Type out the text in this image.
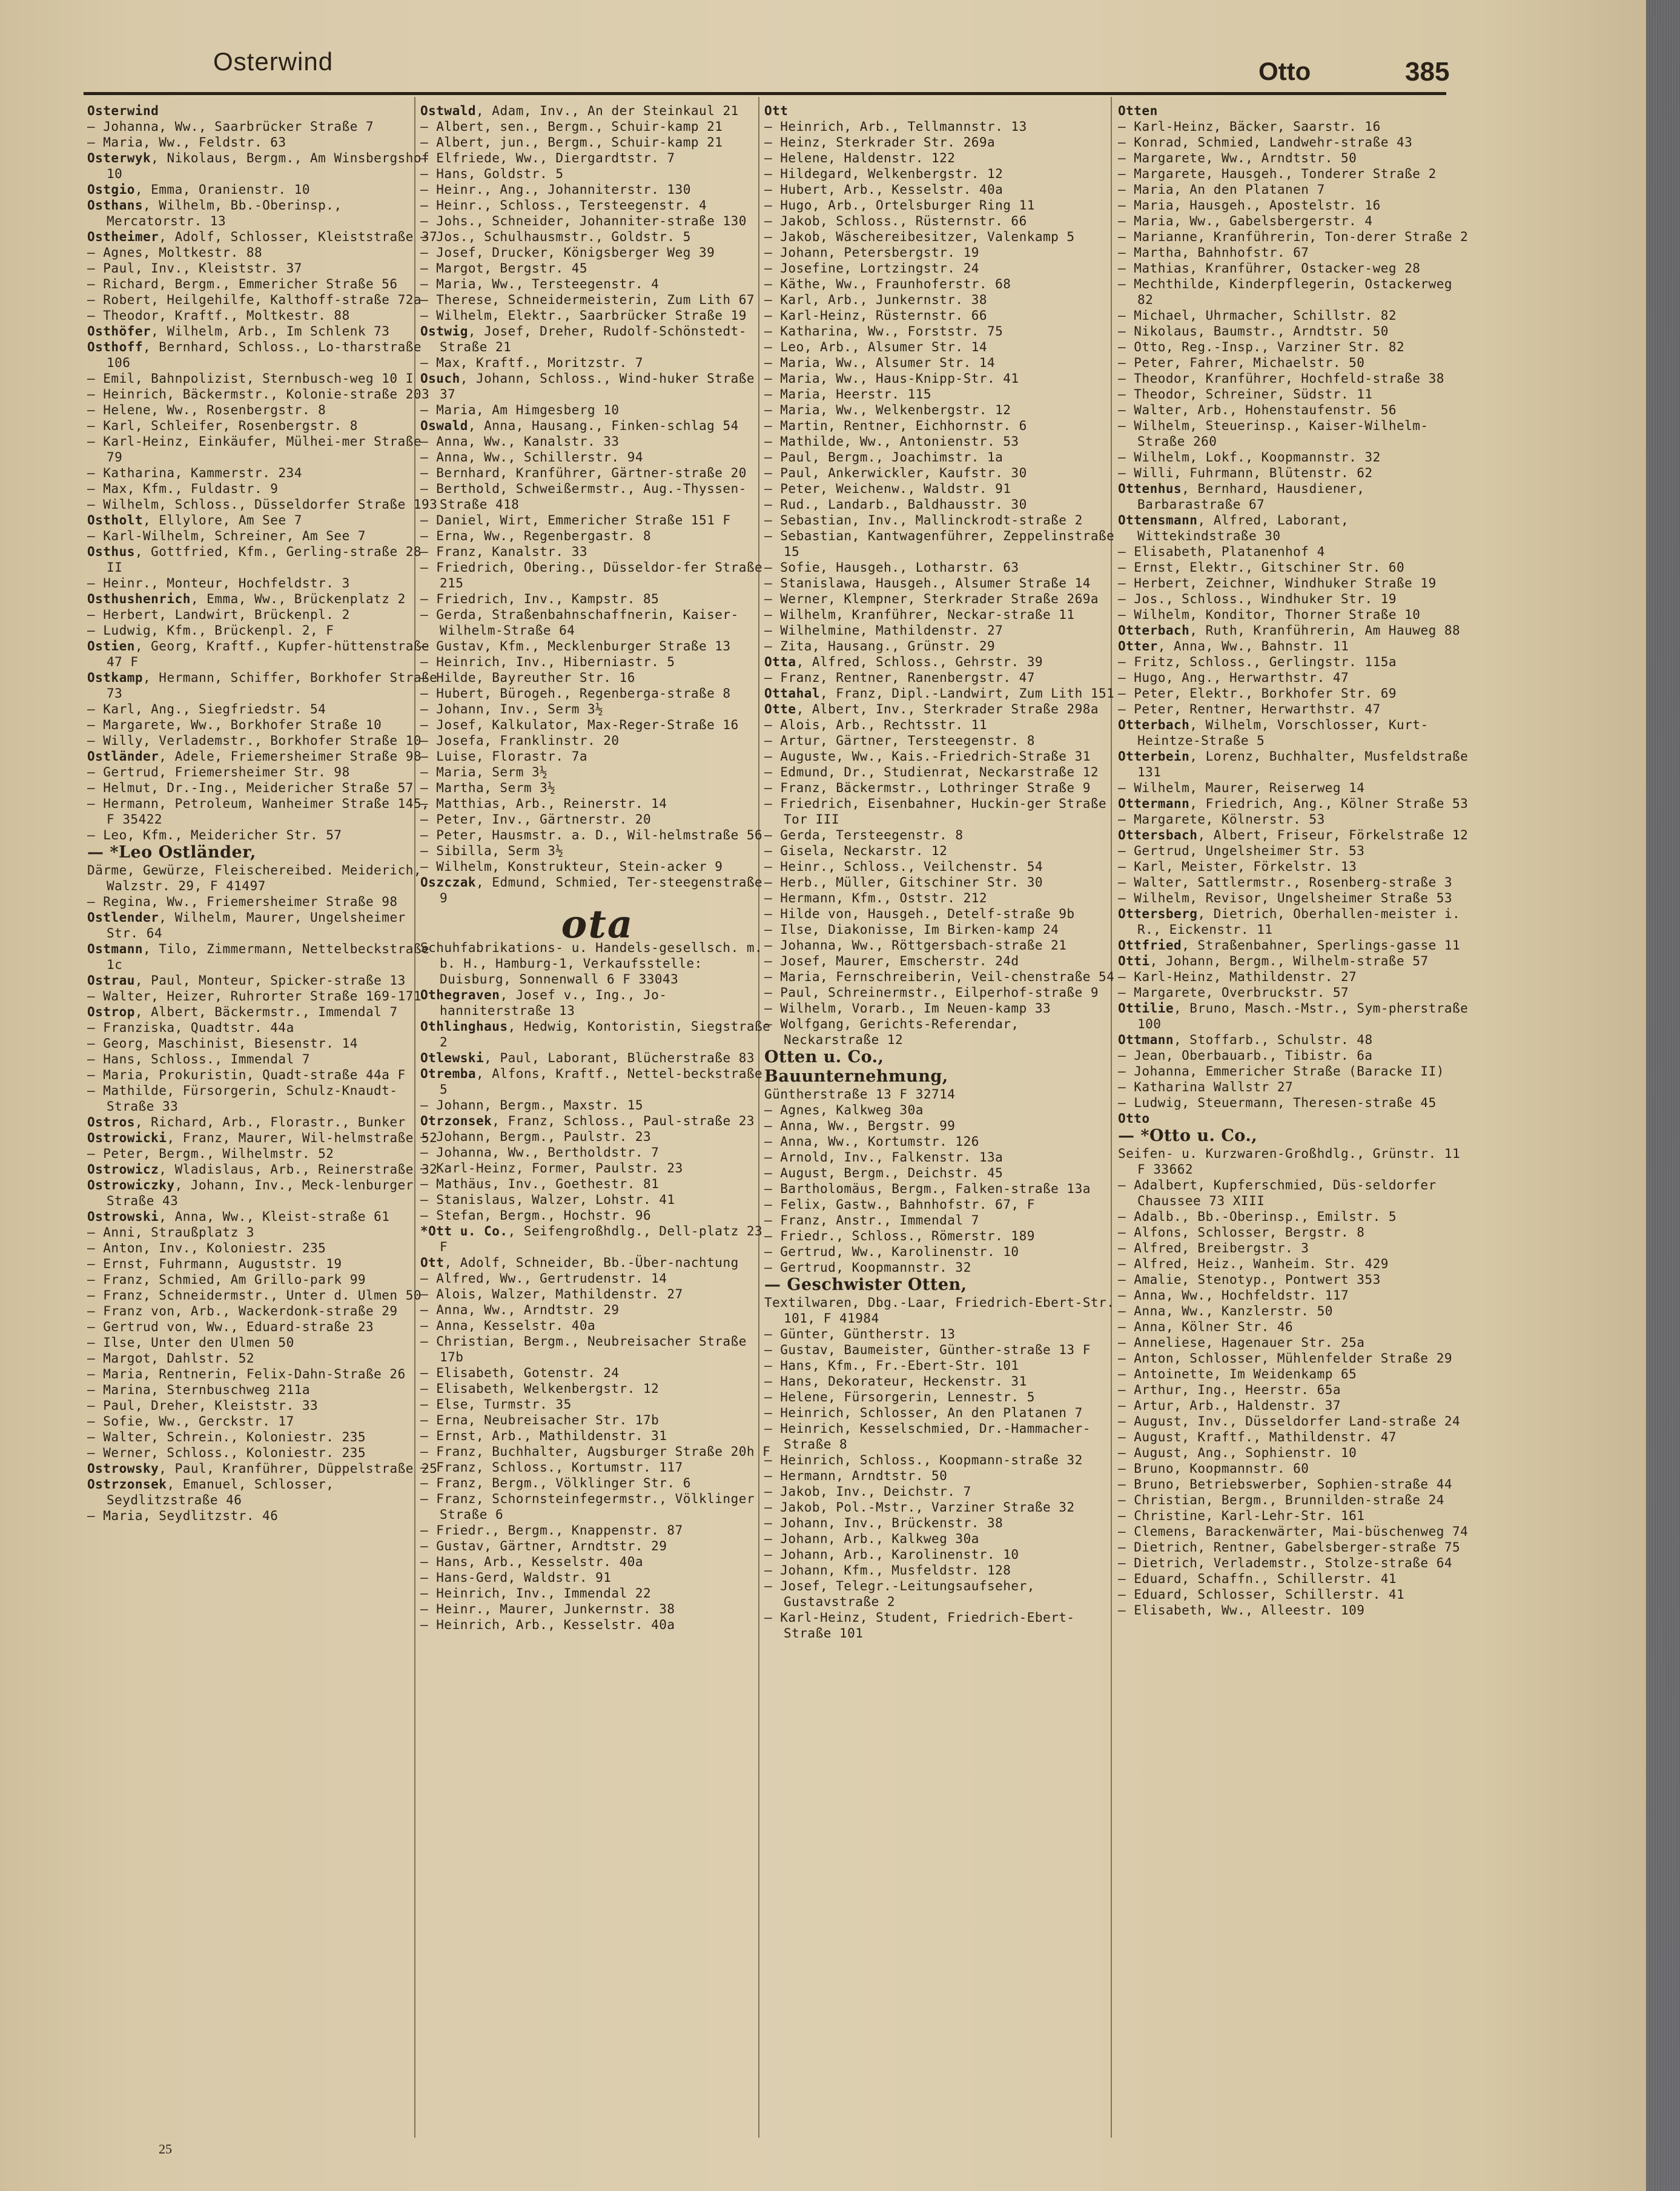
Osterwind	Otto	385
Osterwind
— Johanna, Ww., Saarbrücker Straße 7
— Maria, Ww., Feldstr. 63
Osterwyk, Nikolaus, Bergm., Am Winsbergshof 10
Ostgio, Emma, Oranienstr. 10
Osthans, Wilhelm, Bb.-Oberinsp., Mercatorstr. 13
Ostheimer, Adolf, Schlosser, Kleiststraße 37
— Agnes, Moltkestr. 88
— Paul, Inv., Kleiststr. 37
— Richard, Bergm., Emmericher Straße 56
— Robert, Heilgehilfe, Kalthoff-straße 72a
— Theodor, Kraftf., Moltkestr. 88
Osthöfer, Wilhelm, Arb., Im Schlenk 73
Osthoff, Bernhard, Schloss., Lo-tharstraße 106
— Emil, Bahnpolizist, Sternbusch-weg 10 I
— Heinrich, Bäckermstr., Kolonie-straße 203
— Helene, Ww., Rosenbergstr. 8
— Karl, Schleifer, Rosenbergstr. 8
— Karl-Heinz, Einkäufer, Mülhei-mer Straße 79
— Katharina, Kammerstr. 234
— Max, Kfm., Fuldastr. 9
— Wilhelm, Schloss., Düsseldorfer Straße 193
Ostholt, Ellylore, Am See 7
— Karl-Wilhelm, Schreiner, Am See 7
Osthus, Gottfried, Kfm., Gerling-straße 28 II
— Heinr., Monteur, Hochfeldstr. 3
Osthushenrich, Emma, Ww., Brückenplatz 2
— Herbert, Landwirt, Brückenpl. 2
— Ludwig, Kfm., Brückenpl. 2, F
Ostien, Georg, Kraftf., Kupfer-hüttenstraße 47 F
Ostkamp, Hermann, Schiffer, Borkhofer Straße 73
— Karl, Ang., Siegfriedstr. 54
— Margarete, Ww., Borkhofer Straße 10
— Willy, Verlademstr., Borkhofer Straße 10
Ostländer, Adele, Friemersheimer Straße 98
— Gertrud, Friemersheimer Str. 98
— Helmut, Dr.-Ing., Meidericher Straße 57
— Hermann, Petroleum, Wanheimer Straße 145, F 35422
— Leo, Kfm., Meidericher Str. 57
— *Leo Ostländer,
Därme, Gewürze, Fleischereibed. Meiderich, Walzstr. 29, F 41497
— Regina, Ww., Friemersheimer Straße 98
Ostlender, Wilhelm, Maurer, Ungelsheimer Str. 64
Ostmann, Tilo, Zimmermann, Nettelbeckstraße 1c
Ostrau, Paul, Monteur, Spicker-straße 13
— Walter, Heizer, Ruhrorter Straße 169-171
Ostrop, Albert, Bäckermstr., Immendal 7
— Franziska, Quadtstr. 44a
— Georg, Maschinist, Biesenstr. 14
— Hans, Schloss., Immendal 7
— Maria, Prokuristin, Quadt-straße 44a F
— Mathilde, Fürsorgerin, Schulz-Knaudt-Straße 33
Ostros, Richard, Arb., Florastr., Bunker
Ostrowicki, Franz, Maurer, Wil-helmstraße 52
— Peter, Bergm., Wilhelmstr. 52
Ostrowicz, Wladislaus, Arb., Reinerstraße 32
Ostrowiczky, Johann, Inv., Meck-lenburger Straße 43
Ostrowski, Anna, Ww., Kleist-straße 61
— Anni, Straußplatz 3
— Anton, Inv., Koloniestr. 235
— Ernst, Fuhrmann, Auguststr. 19
— Franz, Schmied, Am Grillo-park 99
— Franz, Schneidermstr., Unter d. Ulmen 50
— Franz von, Arb., Wackerdonk-straße 29
— Gertrud von, Ww., Eduard-straße 23
— Ilse, Unter den Ulmen 50
— Margot, Dahlstr. 52
— Maria, Rentnerin, Felix-Dahn-Straße 26
— Marina, Sternbuschweg 211a
— Paul, Dreher, Kleiststr. 33
— Sofie, Ww., Gerckstr. 17
— Walter, Schrein., Koloniestr. 235
— Werner, Schloss., Koloniestr. 235
Ostrowsky, Paul, Kranführer, Düppelstraße 25
Ostrzonsek, Emanuel, Schlosser, Seydlitzstraße 46
— Maria, Seydlitzstr. 46
Ostwald, Adam, Inv., An der Steinkaul 21
— Albert, sen., Bergm., Schuir-kamp 21
— Albert, jun., Bergm., Schuir-kamp 21
— Elfriede, Ww., Diergardtstr. 7
— Hans, Goldstr. 5
— Heinr., Ang., Johanniterstr. 130
— Heinr., Schloss., Tersteegenstr. 4
— Johs., Schneider, Johanniter-straße 130
— Jos., Schulhausmstr., Goldstr. 5
— Josef, Drucker, Königsberger Weg 39
— Margot, Bergstr. 45
— Maria, Ww., Tersteegenstr. 4
— Therese, Schneidermeisterin, Zum Lith 67
— Wilhelm, Elektr., Saarbrücker Straße 19
Ostwig, Josef, Dreher, Rudolf-Schönstedt-Straße 21
— Max, Kraftf., Moritzstr. 7
Osuch, Johann, Schloss., Wind-huker Straße 37
— Maria, Am Himgesberg 10
Oswald, Anna, Hausang., Finken-schlag 54
— Anna, Ww., Kanalstr. 33
— Anna, Ww., Schillerstr. 94
— Bernhard, Kranführer, Gärtner-straße 20
— Berthold, Schweißermstr., Aug.-Thyssen-Straße 418
— Daniel, Wirt, Emmericher Straße 151 F
— Erna, Ww., Regenbergastr. 8
— Franz, Kanalstr. 33
— Friedrich, Obering., Düsseldor-fer Straße 215
— Friedrich, Inv., Kampstr. 85
— Gerda, Straßenbahnschaffnerin, Kaiser-Wilhelm-Straße 64
— Gustav, Kfm., Mecklenburger Straße 13
— Heinrich, Inv., Hiberniastr. 5
— Hilde, Bayreuther Str. 16
— Hubert, Bürogeh., Regenberga-straße 8
— Johann, Inv., Serm 3½
— Josef, Kalkulator, Max-Reger-Straße 16
— Josefa, Franklinstr. 20
— Luise, Florastr. 7a
— Maria, Serm 3½
— Martha, Serm 3½
— Matthias, Arb., Reinerstr. 14
— Peter, Inv., Gärtnerstr. 20
— Peter, Hausmstr. a. D., Wil-helmstraße 56
— Sibilla, Serm 3½
— Wilhelm, Konstrukteur, Stein-acker 9
Oszczak, Edmund, Schmied, Ter-steegenstraße 9
ota
Schuhfabrikations- u. Handels-gesellsch. m. b. H., Hamburg-1, Verkaufsstelle: Duisburg, Sonnenwall 6 F 33043
Othegraven, Josef v., Ing., Jo-hanniterstraße 13
Othlinghaus, Hedwig, Kontoristin, Siegstraße 2
Otlewski, Paul, Laborant, Blücherstraße 83
Otremba, Alfons, Kraftf., Nettel-beckstraße 5
— Johann, Bergm., Maxstr. 15
Otrzonsek, Franz, Schloss., Paul-straße 23
— Johann, Bergm., Paulstr. 23
— Johanna, Ww., Bertholdstr. 7
— Karl-Heinz, Former, Paulstr. 23
— Mathäus, Inv., Goethestr. 81
— Stanislaus, Walzer, Lohstr. 41
— Stefan, Bergm., Hochstr. 96
*Ott u. Co., Seifengroßhdlg., Dell-platz 23 F
Ott, Adolf, Schneider, Bb.-Über-nachtung
— Alfred, Ww., Gertrudenstr. 14
— Alois, Walzer, Mathildenstr. 27
— Anna, Ww., Arndtstr. 29
— Anna, Kesselstr. 40a
— Christian, Bergm., Neubreisacher Straße 17b
— Elisabeth, Gotenstr. 24
— Elisabeth, Welkenbergstr. 12
— Else, Turmstr. 35
— Erna, Neubreisacher Str. 17b
— Ernst, Arb., Mathildenstr. 31
— Franz, Buchhalter, Augsburger Straße 20h F
— Franz, Schloss., Kortumstr. 117
— Franz, Bergm., Völklinger Str. 6
— Franz, Schornsteinfegermstr., Völklinger Straße 6
— Friedr., Bergm., Knappenstr. 87
— Gustav, Gärtner, Arndtstr. 29
— Hans, Arb., Kesselstr. 40a
— Hans-Gerd, Waldstr. 91
— Heinrich, Inv., Immendal 22
— Heinr., Maurer, Junkernstr. 38
— Heinrich, Arb., Kesselstr. 40a
Ott
— Heinrich, Arb., Tellmannstr. 13
— Heinz, Sterkrader Str. 269a
— Helene, Haldenstr. 122
— Hildegard, Welkenbergstr. 12
— Hubert, Arb., Kesselstr. 40a
— Hugo, Arb., Ortelsburger Ring 11
— Jakob, Schloss., Rüsternstr. 66
— Jakob, Wäschereibesitzer, Valenkamp 5
— Johann, Petersbergstr. 19
— Josefine, Lortzingstr. 24
— Käthe, Ww., Fraunhoferstr. 68
— Karl, Arb., Junkernstr. 38
— Karl-Heinz, Rüsternstr. 66
— Katharina, Ww., Forststr. 75
— Leo, Arb., Alsumer Str. 14
— Maria, Ww., Alsumer Str. 14
— Maria, Ww., Haus-Knipp-Str. 41
— Maria, Heerstr. 115
— Maria, Ww., Welkenbergstr. 12
— Martin, Rentner, Eichhornstr. 6
— Mathilde, Ww., Antonienstr. 53
— Paul, Bergm., Joachimstr. 1a
— Paul, Ankerwickler, Kaufstr. 30
— Peter, Weichenw., Waldstr. 91
— Rud., Landarb., Baldhausstr. 30
— Sebastian, Inv., Mallinckrodt-straße 2
— Sebastian, Kantwagenführer, Zeppelinstraße 15
— Sofie, Hausgeh., Lotharstr. 63
— Stanislawa, Hausgeh., Alsumer Straße 14
— Werner, Klempner, Sterkrader Straße 269a
— Wilhelm, Kranführer, Neckar-straße 11
— Wilhelmine, Mathildenstr. 27
— Zita, Hausang., Grünstr. 29
Otta, Alfred, Schloss., Gehrstr. 39
— Franz, Rentner, Ranenbergstr. 47
Ottahal, Franz, Dipl.-Landwirt, Zum Lith 151
Otte, Albert, Inv., Sterkrader Straße 298a
— Alois, Arb., Rechtsstr. 11
— Artur, Gärtner, Tersteegenstr. 8
— Auguste, Ww., Kais.-Friedrich-Straße 31
— Edmund, Dr., Studienrat, Neckarstraße 12
— Franz, Bäckermstr., Lothringer Straße 9
— Friedrich, Eisenbahner, Huckin-ger Straße Tor III
— Gerda, Tersteegenstr. 8
— Gisela, Neckarstr. 12
— Heinr., Schloss., Veilchenstr. 54
— Herb., Müller, Gitschiner Str. 30
— Hermann, Kfm., Oststr. 212
— Hilde von, Hausgeh., Detelf-straße 9b
— Ilse, Diakonisse, Im Birken-kamp 24
— Johanna, Ww., Röttgersbach-straße 21
— Josef, Maurer, Emscherstr. 24d
— Maria, Fernschreiberin, Veil-chenstraße 54
— Paul, Schreinermstr., Eilperhof-straße 9
— Wilhelm, Vorarb., Im Neuen-kamp 33
— Wolfgang, Gerichts-Referendar, Neckarstraße 12
Otten u. Co.,
Bauunternehmung,
Güntherstraße 13 F 32714
— Agnes, Kalkweg 30a
— Anna, Ww., Bergstr. 99
— Anna, Ww., Kortumstr. 126
— Arnold, Inv., Falkenstr. 13a
— August, Bergm., Deichstr. 45
— Bartholomäus, Bergm., Falken-straße 13a
— Felix, Gastw., Bahnhofstr. 67, F
— Franz, Anstr., Immendal 7
— Friedr., Schloss., Römerstr. 189
— Gertrud, Ww., Karolinenstr. 10
— Gertrud, Koopmannstr. 32
— Geschwister Otten,
Textilwaren, Dbg.-Laar, Friedrich-Ebert-Str. 101, F 41984
— Günter, Güntherstr. 13
— Gustav, Baumeister, Günther-straße 13 F
— Hans, Kfm., Fr.-Ebert-Str. 101
— Hans, Dekorateur, Heckenstr. 31
— Helene, Fürsorgerin, Lennestr. 5
— Heinrich, Schlosser, An den Platanen 7
— Heinrich, Kesselschmied, Dr.-Hammacher-Straße 8
— Heinrich, Schloss., Koopmann-straße 32
— Hermann, Arndtstr. 50
— Jakob, Inv., Deichstr. 7
— Jakob, Pol.-Mstr., Varziner Straße 32
— Johann, Inv., Brückenstr. 38
— Johann, Arb., Kalkweg 30a
— Johann, Arb., Karolinenstr. 10
— Johann, Kfm., Musfeldstr. 128
— Josef, Telegr.-Leitungsaufseher, Gustavstraße 2
— Karl-Heinz, Student, Friedrich-Ebert-Straße 101
Otten
— Karl-Heinz, Bäcker, Saarstr. 16
— Konrad, Schmied, Landwehr-straße 43
— Margarete, Ww., Arndtstr. 50
— Margarete, Hausgeh., Tonderer Straße 2
— Maria, An den Platanen 7
— Maria, Hausgeh., Apostelstr. 16
— Maria, Ww., Gabelsbergerstr. 4
— Marianne, Kranführerin, Ton-derer Straße 2
— Martha, Bahnhofstr. 67
— Mathias, Kranführer, Ostacker-weg 28
— Mechthilde, Kinderpflegerin, Ostackerweg 82
— Michael, Uhrmacher, Schillstr. 82
— Nikolaus, Baumstr., Arndtstr. 50
— Otto, Reg.-Insp., Varziner Str. 82
— Peter, Fahrer, Michaelstr. 50
— Theodor, Kranführer, Hochfeld-straße 38
— Theodor, Schreiner, Südstr. 11
— Walter, Arb., Hohenstaufenstr. 56
— Wilhelm, Steuerinsp., Kaiser-Wilhelm-Straße 260
— Wilhelm, Lokf., Koopmannstr. 32
— Willi, Fuhrmann, Blütenstr. 62
Ottenhus, Bernhard, Hausdiener, Barbarastraße 67
Ottensmann, Alfred, Laborant, Wittekindstraße 30
— Elisabeth, Platanenhof 4
— Ernst, Elektr., Gitschiner Str. 60
— Herbert, Zeichner, Windhuker Straße 19
— Jos., Schloss., Windhuker Str. 19
— Wilhelm, Konditor, Thorner Straße 10
Otterbach, Ruth, Kranführerin, Am Hauweg 88
Otter, Anna, Ww., Bahnstr. 11
— Fritz, Schloss., Gerlingstr. 115a
— Hugo, Ang., Herwarthstr. 47
— Peter, Elektr., Borkhofer Str. 69
— Peter, Rentner, Herwarthstr. 47
Otterbach, Wilhelm, Vorschlosser, Kurt-Heintze-Straße 5
Otterbein, Lorenz, Buchhalter, Musfeldstraße 131
— Wilhelm, Maurer, Reiserweg 14
Ottermann, Friedrich, Ang., Kölner Straße 53
— Margarete, Kölnerstr. 53
Ottersbach, Albert, Friseur, Förkelstraße 12
— Gertrud, Ungelsheimer Str. 53
— Karl, Meister, Förkelstr. 13
— Walter, Sattlermstr., Rosenberg-straße 3
— Wilhelm, Revisor, Ungelsheimer Straße 53
Ottersberg, Dietrich, Oberhallen-meister i. R., Eickenstr. 11
Ottfried, Straßenbahner, Sperlings-gasse 11
Otti, Johann, Bergm., Wilhelm-straße 57
— Karl-Heinz, Mathildenstr. 27
— Margarete, Overbruckstr. 57
Ottilie, Bruno, Masch.-Mstr., Sym-pherstraße 100
Ottmann, Stoffarb., Schulstr. 48
— Jean, Oberbauarb., Tibistr. 6a
— Johanna, Emmericher Straße (Baracke II)
— Katharina Wallstr 27
— Ludwig, Steuermann, Theresen-straße 45
Otto
— *Otto u. Co.,
Seifen- u. Kurzwaren-Großhdlg., Grünstr. 11 F 33662
— Adalbert, Kupferschmied, Düs-seldorfer Chaussee 73 XIII
— Adalb., Bb.-Oberinsp., Emilstr. 5
— Alfons, Schlosser, Bergstr. 8
— Alfred, Breibergstr. 3
— Alfred, Heiz., Wanheim. Str. 429
— Amalie, Stenotyp., Pontwert 353
— Anna, Ww., Hochfeldstr. 117
— Anna, Ww., Kanzlerstr. 50
— Anna, Kölner Str. 46
— Anneliese, Hagenauer Str. 25a
— Anton, Schlosser, Mühlenfelder Straße 29
— Antoinette, Im Weidenkamp 65
— Arthur, Ing., Heerstr. 65a
— Artur, Arb., Haldenstr. 37
— August, Inv., Düsseldorfer Land-straße 24
— August, Kraftf., Mathildenstr. 47
— August, Ang., Sophienstr. 10
— Bruno, Koopmannstr. 60
— Bruno, Betriebswerber, Sophien-straße 44
— Christian, Bergm., Brunnilden-straße 24
— Christine, Karl-Lehr-Str. 161
— Clemens, Barackenwärter, Mai-büschenweg 74
— Dietrich, Rentner, Gabelsberger-straße 75
— Dietrich, Verlademstr., Stolze-straße 64
— Eduard, Schaffn., Schillerstr. 41
— Eduard, Schlosser, Schillerstr. 41
— Elisabeth, Ww., Alleestr. 109
25
